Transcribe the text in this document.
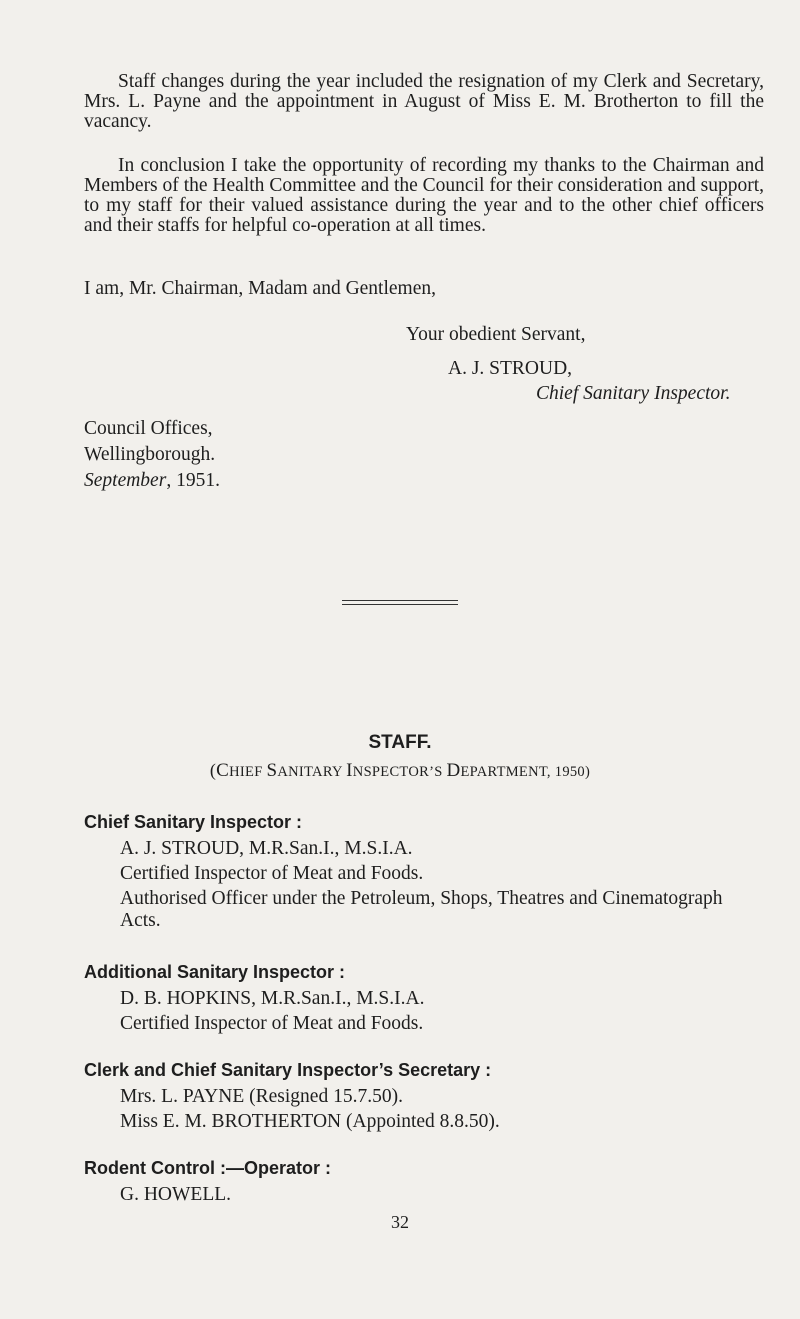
Staff changes during the year included the resignation of my Clerk and Secretary, Mrs. L. Payne and the appointment in August of Miss E. M. Brotherton to fill the vacancy.

In conclusion I take the opportunity of recording my thanks to the Chairman and Members of the Health Committee and the Council for their consideration and support, to my staff for their valued assistance during the year and to the other chief officers and their staffs for helpful co-operation at all times.

I am, Mr. Chairman, Madam and Gentlemen,

Your obedient Servant,

A. J. STROUD,

Chief Sanitary Inspector.

Council Offices,

Wellingborough.

September, 1951.

STAFF.

(CHIEF SANITARY INSPECTOR’S DEPARTMENT, 1950)

Chief Sanitary Inspector :

A. J. STROUD, M.R.San.I., M.S.I.A.

Certified Inspector of Meat and Foods.

Authorised Officer under the Petroleum, Shops, Theatres and Cinematograph Acts.

Additional Sanitary Inspector :

D. B. HOPKINS, M.R.San.I., M.S.I.A.

Certified Inspector of Meat and Foods.

Clerk and Chief Sanitary Inspector’s Secretary :

Mrs. L. PAYNE (Resigned 15.7.50).

Miss E. M. BROTHERTON (Appointed 8.8.50).

Rodent Control :—Operator :

G. HOWELL.

32
